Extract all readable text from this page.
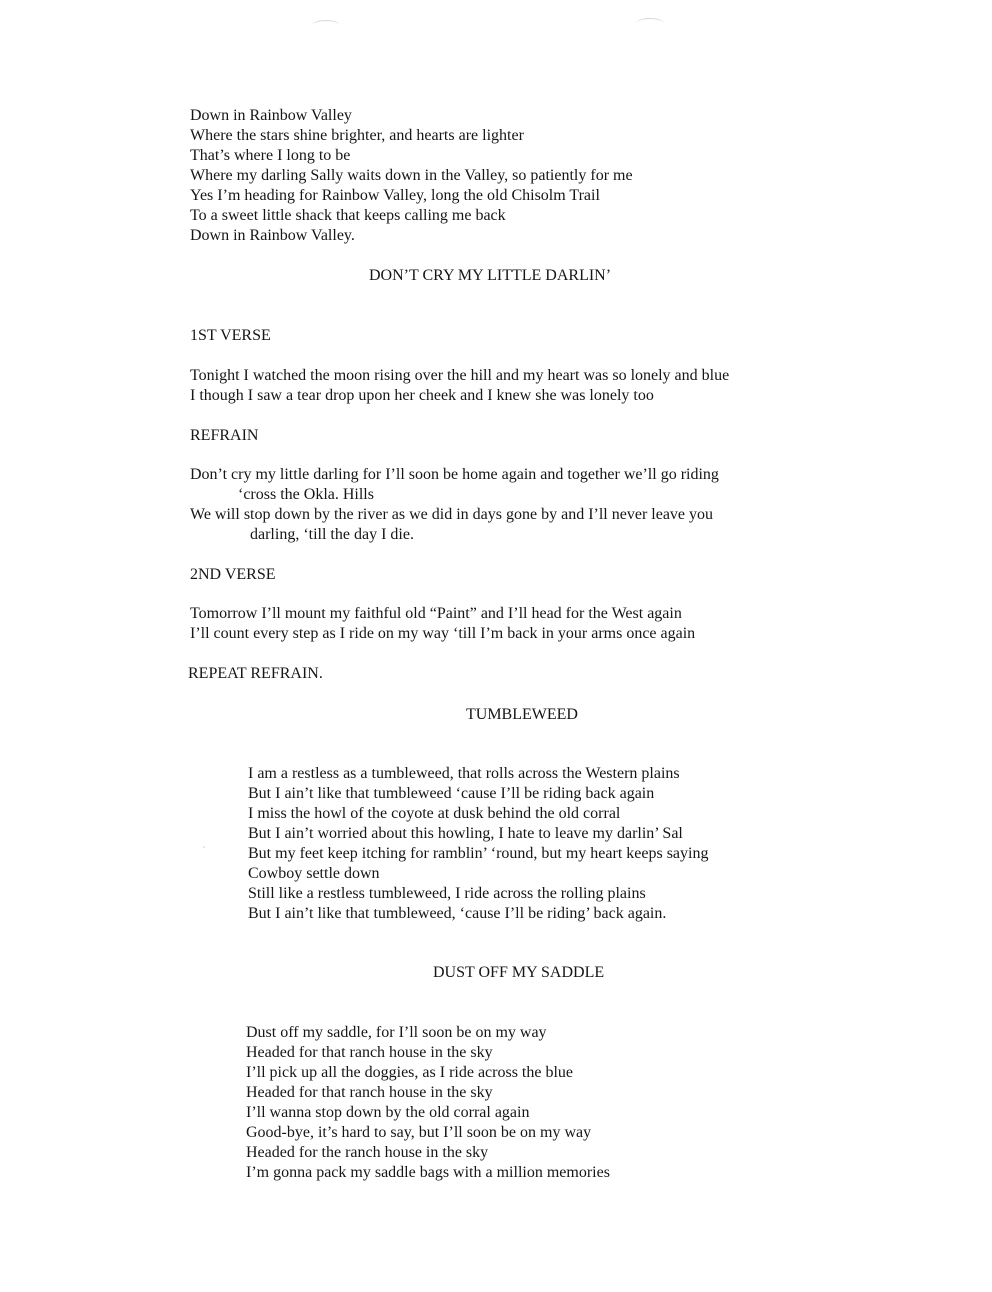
Down in Rainbow Valley
Where the stars shine brighter, and hearts are lighter
That’s where I long to be
Where my darling Sally waits down in the Valley, so patiently for me
Yes I’m heading for Rainbow Valley, long the old Chisolm Trail
To a sweet little shack that keeps calling me back
Down in Rainbow Valley.
DON’T CRY MY LITTLE DARLIN’
1ST VERSE
Tonight I watched the moon rising over the hill and my heart was so lonely and blue
I though I saw a tear drop upon her cheek and I knew she was lonely too
REFRAIN
Don’t cry my little darling for I’ll soon be home again and together we’ll go riding
‘cross the Okla. Hills
We will stop down by the river as we did in days gone by and I’ll never leave you
darling, ‘till the day I die.
2ND VERSE
Tomorrow I’ll mount my faithful old “Paint” and I’ll head for the West again
I’ll count every step as I ride on my way ‘till I’m back in your arms once again
REPEAT REFRAIN.
TUMBLEWEED
I am a restless as a tumbleweed, that rolls across the Western plains
But I ain’t like that tumbleweed ‘cause I’ll be riding back again
I miss the howl of the coyote at dusk behind the old corral
But I ain’t worried about this howling, I hate to leave my darlin’ Sal
But my feet keep itching for ramblin’ ‘round, but my heart keeps saying
Cowboy settle down
Still like a restless tumbleweed, I ride across the rolling plains
But I ain’t like that tumbleweed, ‘cause I’ll be riding’ back again.
DUST OFF MY SADDLE
Dust off my saddle, for I’ll soon be on my way
Headed for that ranch house in the sky
I’ll pick up all the doggies, as I ride across the blue
Headed for that ranch house in the sky
I’ll wanna stop down by the old corral again
Good-bye, it’s hard to say, but I’ll soon be on my way
Headed for the ranch house in the sky
I’m gonna pack my saddle bags with a million memories
